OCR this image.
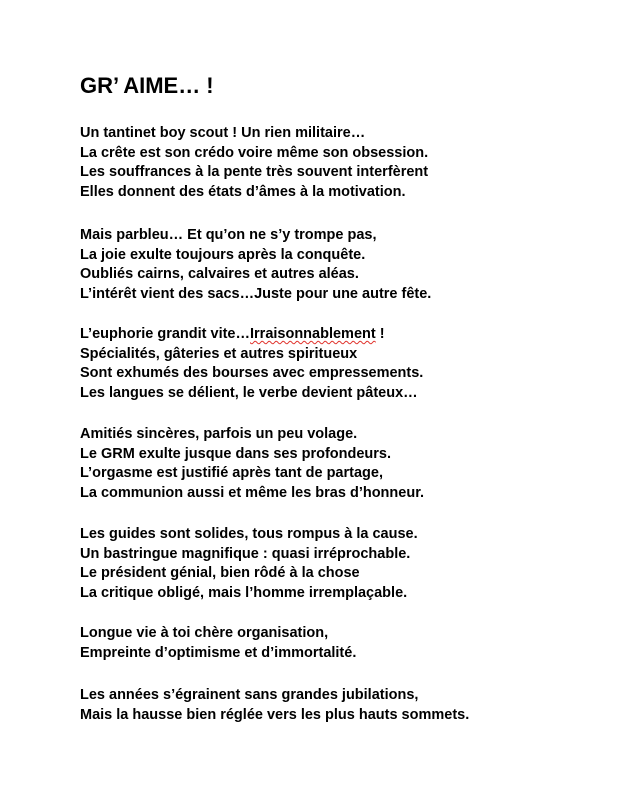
GR’ AIME… !
Un tantinet boy scout ! Un rien militaire…
La crête est son crédo voire même son obsession.
Les souffrances à la pente très souvent interfèrent
Elles donnent des états d’âmes à la motivation.
Mais parbleu… Et qu’on ne s’y trompe pas,
La joie exulte toujours après la conquête.
Oubliés cairns, calvaires et autres aléas.
L’intérêt vient des sacs…Juste pour une autre fête.
L’euphorie grandit vite…Irraisonnablement !
Spécialités, gâteries et autres spiritueux
Sont exhumés des bourses avec empressements.
Les langues se délient, le verbe devient pâteux…
Amitiés sincères, parfois un peu volage.
Le GRM exulte jusque dans ses profondeurs.
L’orgasme est justifié après tant de partage,
La communion aussi et même les bras d’honneur.
Les guides sont solides, tous rompus à la cause.
Un bastringue magnifique : quasi irréprochable.
Le président génial, bien rôdé à la chose
La critique obligé, mais l’homme irremplaçable.
Longue vie à toi chère organisation,
Empreinte d’optimisme et d’immortalité.
Les années s’égrainent sans grandes jubilations,
Mais la hausse bien réglée vers les plus hauts sommets.
